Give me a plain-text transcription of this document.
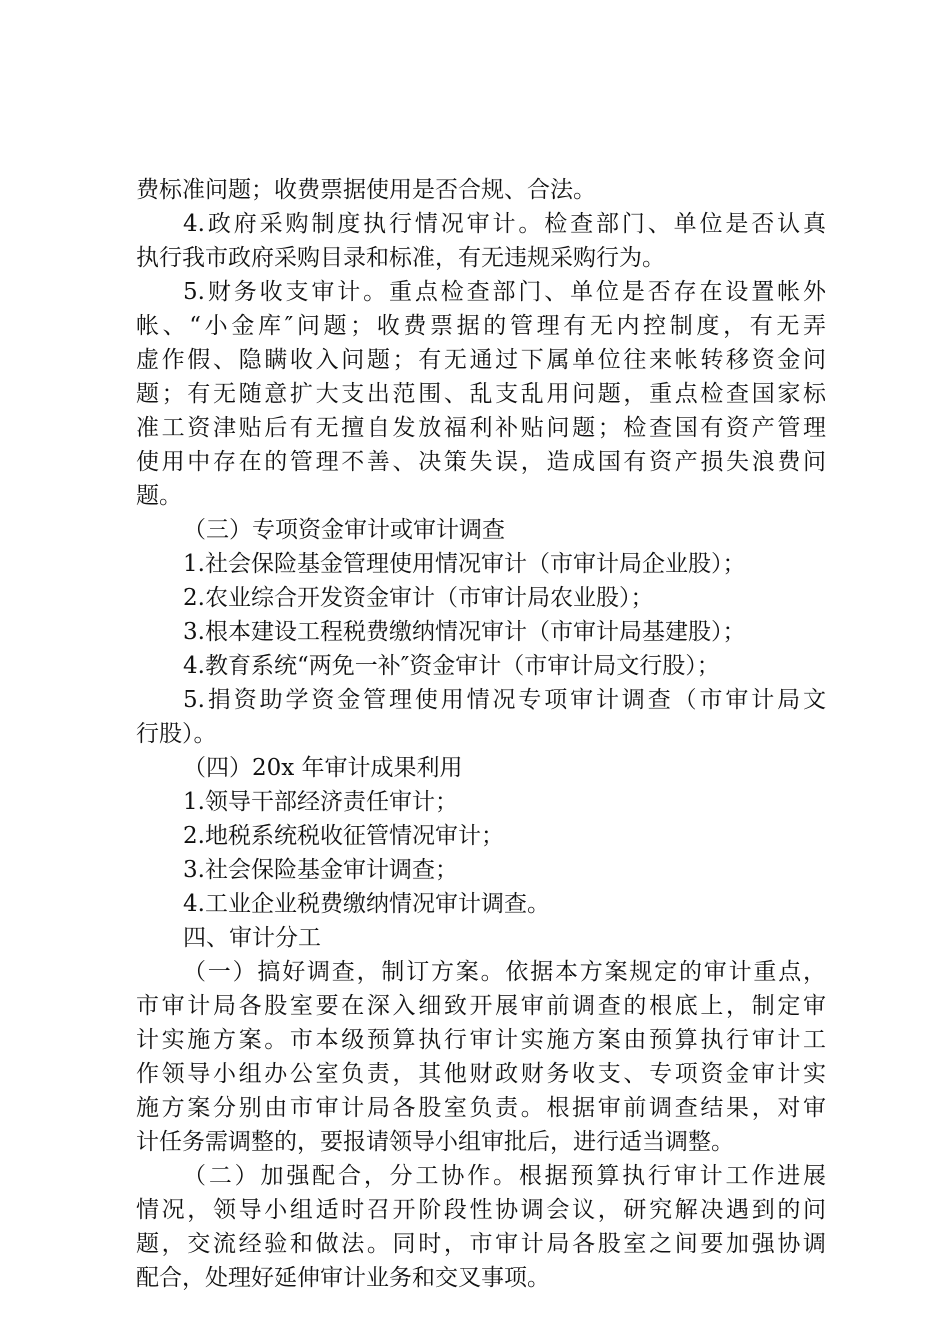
费标准问题；收费票据使用是否合规、合法。
4.政府采购制度执行情况审计。检查部门、单位是否认真
执行我市政府采购目录和标准，有无违规采购行为。
5.财务收支审计。重点检查部门、单位是否存在设置帐外
帐、“小金库″问题；收费票据的管理有无内控制度，有无弄
虚作假、隐瞒收入问题；有无通过下属单位往来帐转移资金问
题；有无随意扩大支出范围、乱支乱用问题，重点检查国家标
准工资津贴后有无擅自发放福利补贴问题；检查国有资产管理
使用中存在的管理不善、决策失误，造成国有资产损失浪费问
题。
（三）专项资金审计或审计调查
1.社会保险基金管理使用情况审计（市审计局企业股）；
2.农业综合开发资金审计（市审计局农业股）；
3.根本建设工程税费缴纳情况审计（市审计局基建股）；
4.教育系统“两免一补″资金审计（市审计局文行股）；
5.捐资助学资金管理使用情况专项审计调查（市审计局文
行股）。
（四）20x 年审计成果利用
1.领导干部经济责任审计；
2.地税系统税收征管情况审计；
3.社会保险基金审计调查；
4.工业企业税费缴纳情况审计调查。
四、审计分工
（一）搞好调查，制订方案。依据本方案规定的审计重点，
市审计局各股室要在深入细致开展审前调查的根底上，制定审
计实施方案。市本级预算执行审计实施方案由预算执行审计工
作领导小组办公室负责，其他财政财务收支、专项资金审计实
施方案分别由市审计局各股室负责。根据审前调查结果，对审
计任务需调整的，要报请领导小组审批后，进行适当调整。
（二）加强配合，分工协作。根据预算执行审计工作进展
情况，领导小组适时召开阶段性协调会议，研究解决遇到的问
题，交流经验和做法。同时，市审计局各股室之间要加强协调
配合，处理好延伸审计业务和交叉事项。
